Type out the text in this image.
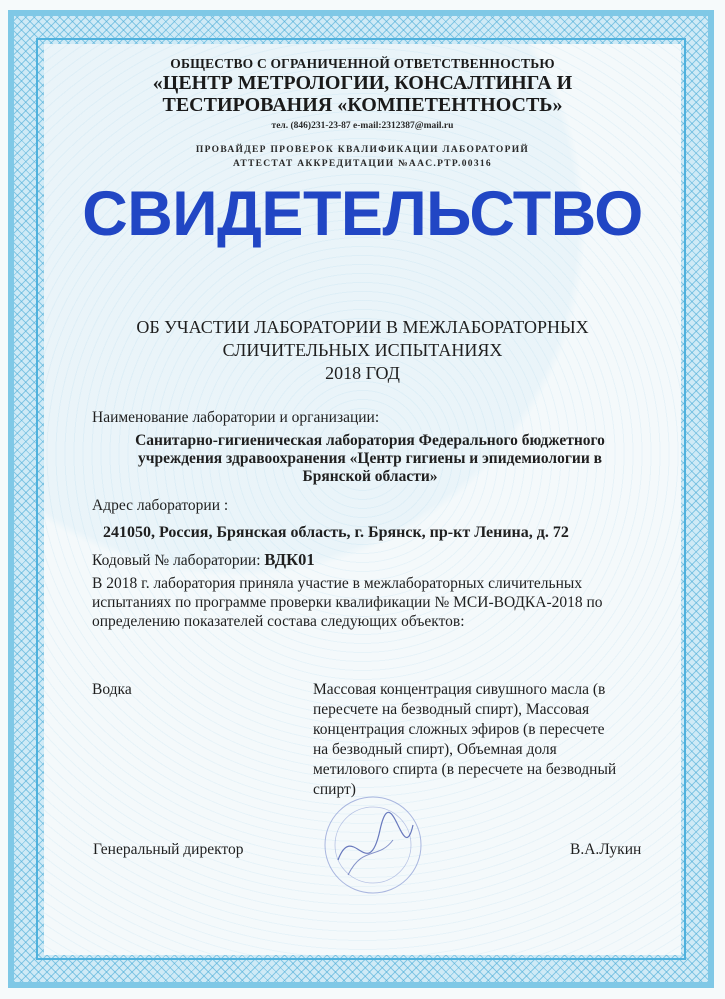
ОБЩЕСТВО С ОГРАНИЧЕННОЙ ОТВЕТСТВЕННОСТЬЮ
«ЦЕНТР МЕТРОЛОГИИ, КОНСАЛТИНГА И
ТЕСТИРОВАНИЯ «КОМПЕТЕНТНОСТЬ»
тел. (846)231-23-87 e-mail:2312387@mail.ru
ПРОВАЙДЕР ПРОВЕРОК КВАЛИФИКАЦИИ ЛАБОРАТОРИЙ
АТТЕСТАТ АККРЕДИТАЦИИ №AAC.PTP.00316
СВИДЕТЕЛЬСТВО
ОБ УЧАСТИИ ЛАБОРАТОРИИ В МЕЖЛАБОРАТОРНЫХ
СЛИЧИТЕЛЬНЫХ ИСПЫТАНИЯХ
2018 ГОД
Наименование лаборатории и организации:
Санитарно-гигиеническая лаборатория Федерального бюджетного
учреждения здравоохранения «Центр гигиены и эпидемиологии в
Брянской области»
Адрес лаборатории :
241050, Россия, Брянская область, г. Брянск, пр-кт Ленина, д. 72
Кодовый № лаборатории: ВДК01
В 2018 г. лаборатория приняла участие в межлабораторных сличительных
испытаниях по программе проверки квалификации № МСИ-ВОДКА-2018 по
определению показателей состава следующих объектов:
Водка	Массовая концентрация сивушного масла (в
пересчете на безводный спирт), Массовая
концентрация сложных эфиров (в пересчете
на безводный спирт), Объемная доля
метилового спирта (в пересчете на безводный
спирт)
Генеральный директор	В.А.Лукин
